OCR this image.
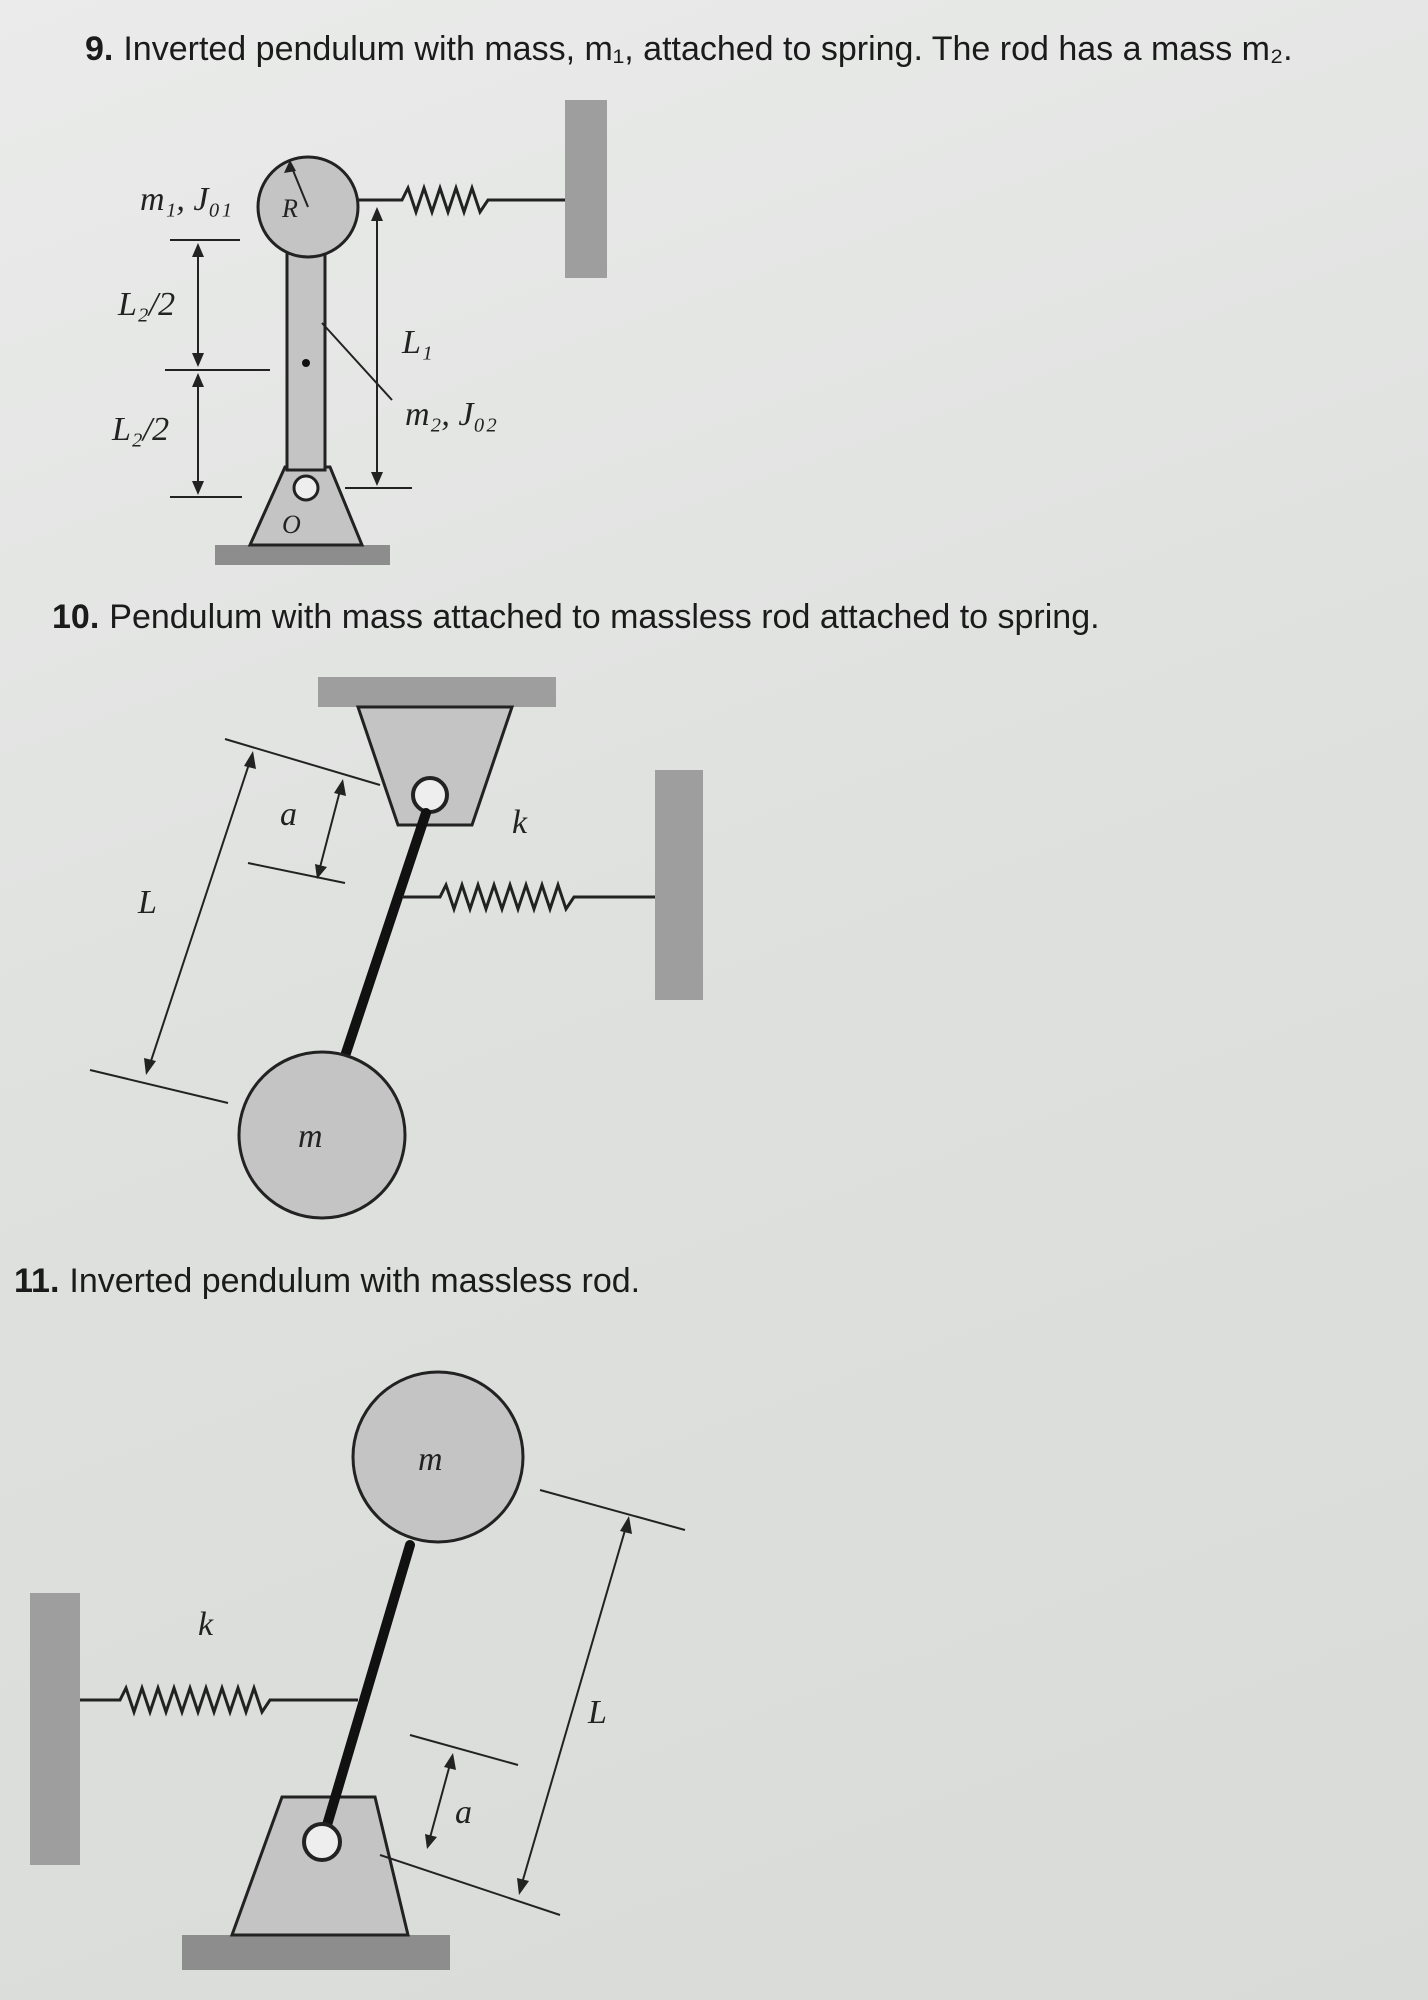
9. Inverted pendulum with mass, m₁, attached to spring. The rod has a mass m₂.
m₁, J₀₁ R
L₂/2
L₂/2
L₁
m₂, J₀₂
O
10. Pendulum with mass attached to massless rod attached to spring.
a	k
L
m
11. Inverted pendulum with massless rod.
m
k
L
a
